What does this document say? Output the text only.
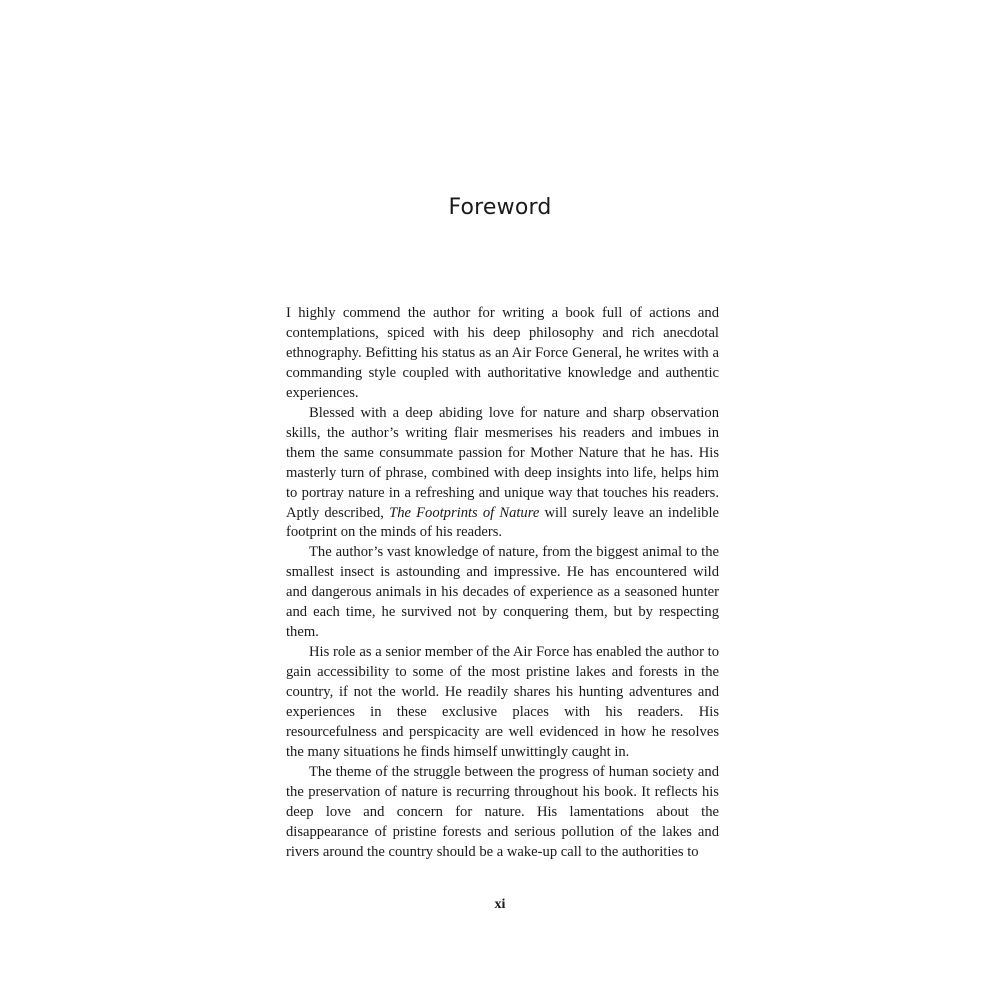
Foreword

I highly commend the author for writing a book full of actions and contemplations, spiced with his deep philosophy and rich anecdotal ethnography. Befitting his status as an Air Force General, he writes with a commanding style coupled with authoritative knowledge and authentic experiences.

Blessed with a deep abiding love for nature and sharp observation skills, the author’s writing flair mesmerises his readers and imbues in them the same consummate passion for Mother Nature that he has. His masterly turn of phrase, combined with deep insights into life, helps him to portray nature in a refreshing and unique way that touches his readers. Aptly described, The Footprints of Nature will surely leave an indelible footprint on the minds of his readers.

The author’s vast knowledge of nature, from the biggest animal to the smallest insect is astounding and impressive. He has encountered wild and dangerous animals in his decades of experience as a seasoned hunter and each time, he survived not by conquering them, but by respecting them.

His role as a senior member of the Air Force has enabled the author to gain accessibility to some of the most pristine lakes and forests in the country, if not the world. He readily shares his hunting adventures and experiences in these exclusive places with his readers. His resourcefulness and perspicacity are well evidenced in how he resolves the many situations he finds himself unwittingly caught in.

The theme of the struggle between the progress of human society and the preservation of nature is recurring throughout his book. It reflects his deep love and concern for nature. His lamentations about the disappearance of pristine forests and serious pollution of the lakes and rivers around the country should be a wake-up call to the authorities to

xi
